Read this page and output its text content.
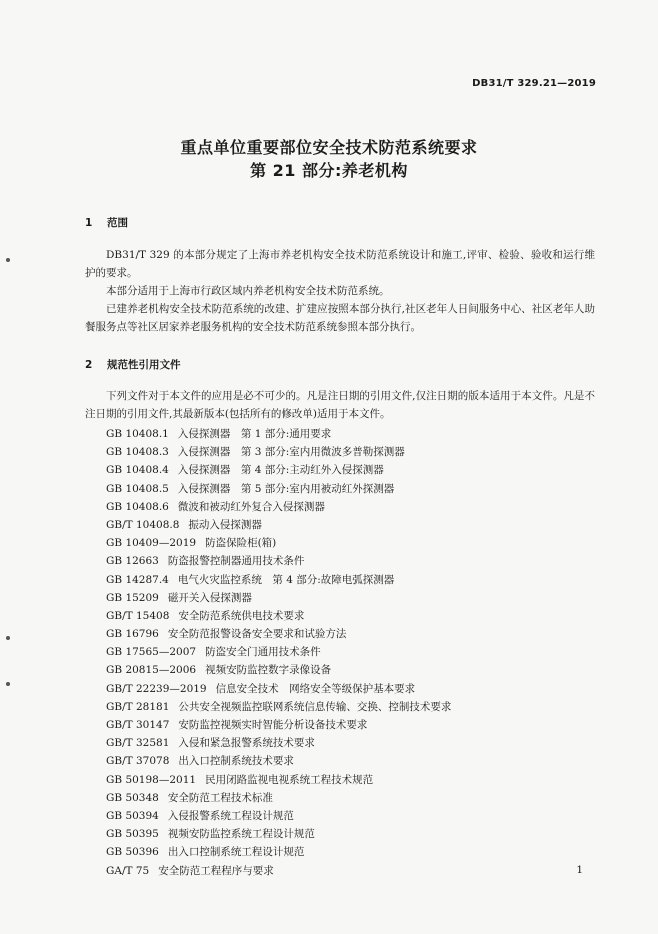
DB31/T 329.21—2019
重点单位重要部位安全技术防范系统要求
第 21 部分:养老机构
1 范围
DB31/T 329 的本部分规定了上海市养老机构安全技术防范系统设计和施工,评审、检验、验收和运行维护的要求。
本部分适用于上海市行政区域内养老机构安全技术防范系统。
已建养老机构安全技术防范系统的改建、扩建应按照本部分执行,社区老年人日间服务中心、社区老年人助餐服务点等社区居家养老服务机构的安全技术防范系统参照本部分执行。
2 规范性引用文件
下列文件对于本文件的应用是必不可少的。凡是注日期的引用文件,仅注日期的版本适用于本文件。凡是不注日期的引用文件,其最新版本(包括所有的修改单)适用于本文件。
GB 10408.1 入侵探测器　第 1 部分:通用要求
GB 10408.3 入侵探测器　第 3 部分:室内用微波多普勒探测器
GB 10408.4 入侵探测器　第 4 部分:主动红外入侵探测器
GB 10408.5 入侵探测器　第 5 部分:室内用被动红外探测器
GB 10408.6 微波和被动红外复合入侵探测器
GB/T 10408.8 振动入侵探测器
GB 10409—2019 防盗保险柜(箱)
GB 12663 防盗报警控制器通用技术条件
GB 14287.4 电气火灾监控系统　第 4 部分:故障电弧探测器
GB 15209 磁开关入侵探测器
GB/T 15408 安全防范系统供电技术要求
GB 16796 安全防范报警设备安全要求和试验方法
GB 17565—2007 防盗安全门通用技术条件
GB 20815—2006 视频安防监控数字录像设备
GB/T 22239—2019 信息安全技术　网络安全等级保护基本要求
GB/T 28181 公共安全视频监控联网系统信息传输、交换、控制技术要求
GB/T 30147 安防监控视频实时智能分析设备技术要求
GB/T 32581 入侵和紧急报警系统技术要求
GB/T 37078 出入口控制系统技术要求
GB 50198—2011 民用闭路监视电视系统工程技术规范
GB 50348 安全防范工程技术标准
GB 50394 入侵报警系统工程设计规范
GB 50395 视频安防监控系统工程设计规范
GB 50396 出入口控制系统工程设计规范
GA/T 75 安全防范工程程序与要求	1
